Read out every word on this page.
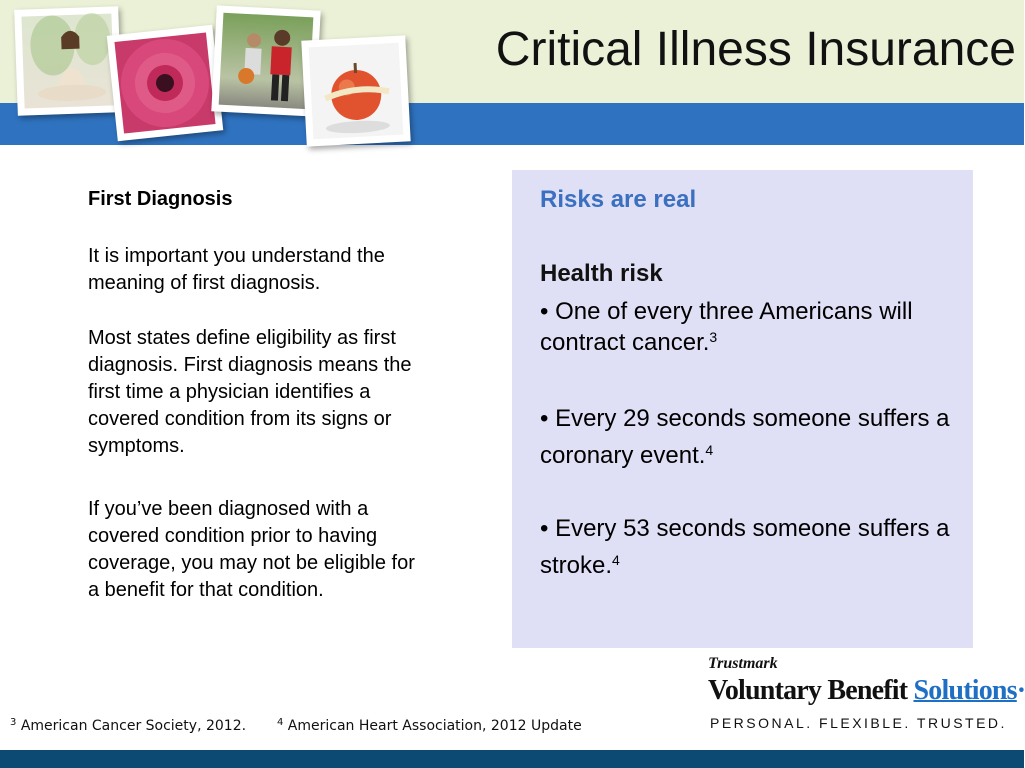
Critical Illness Insurance
First Diagnosis

It is important you understand the meaning of first diagnosis.

Most states define eligibility as first diagnosis. First diagnosis means the first time a physician identifies a covered condition from its signs or symptoms.

If you’ve been diagnosed with a covered condition prior to having coverage, you may not be eligible for a benefit for that condition.

Risks are real
Health risk
• One of every three Americans will contract cancer.$^3$
• Every 29 seconds someone suffers a coronary event.$^4$
• Every 53 seconds someone suffers a stroke.$^4$
Trustmark
Voluntary Benefit Solutions·
PERSONAL. FLEXIBLE. TRUSTED.
$^3$ American Cancer Society, 2012.	$^4$ American Heart Association, 2012 Update
